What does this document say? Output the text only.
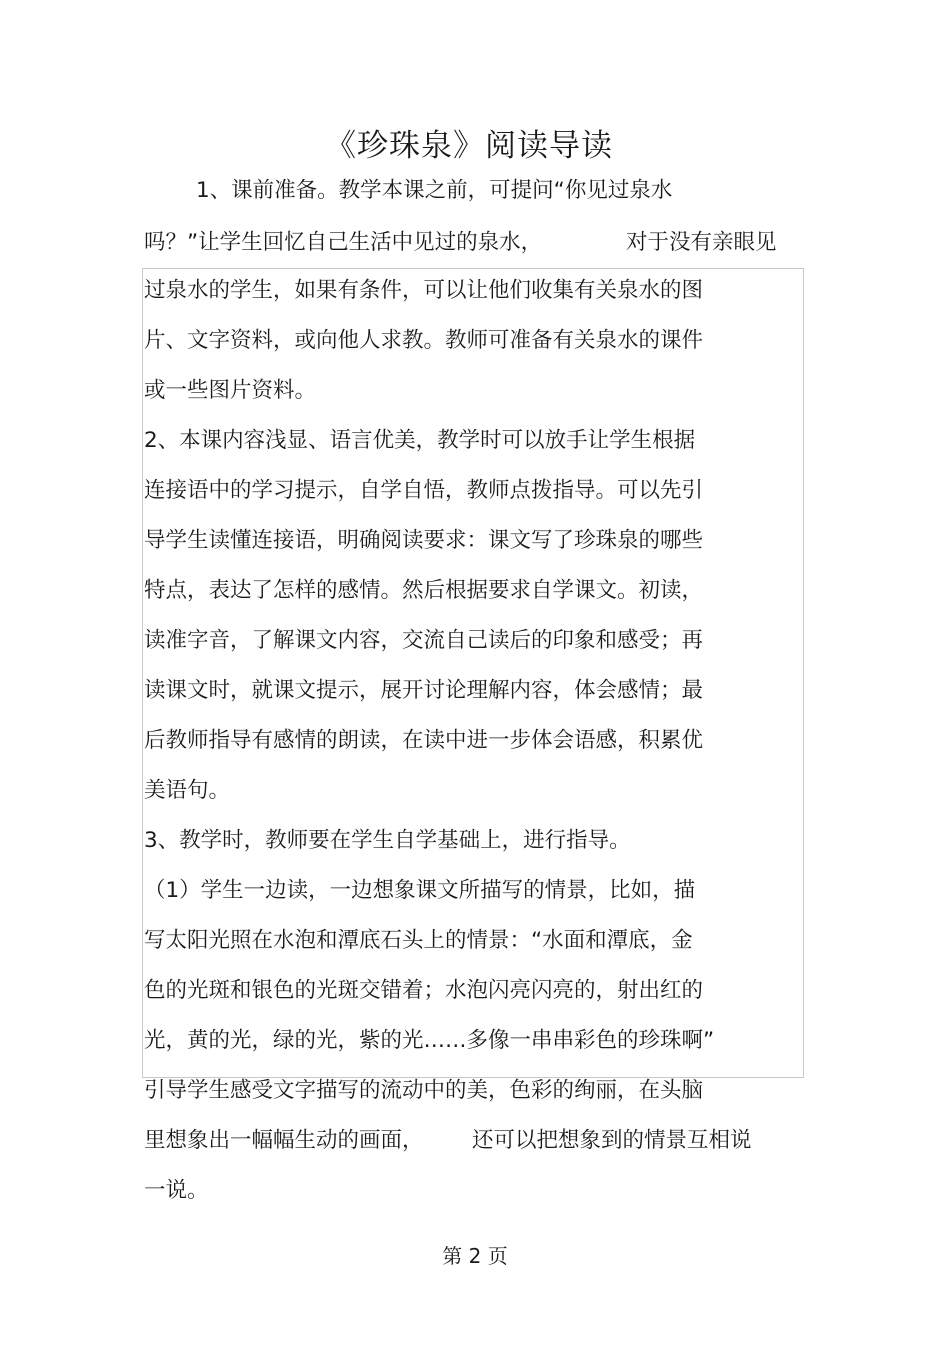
《珍珠泉》阅读导读
1、课前准备。教学本课之前，可提问“你见过泉水
吗？”让学生回忆自己生活中见过的泉水，	对于没有亲眼见
过泉水的学生，如果有条件，可以让他们收集有关泉水的图
片、文字资料，或向他人求教。教师可准备有关泉水的课件
或一些图片资料。
2、本课内容浅显、语言优美，教学时可以放手让学生根据
连接语中的学习提示，自学自悟，教师点拨指导。可以先引
导学生读懂连接语，明确阅读要求：课文写了珍珠泉的哪些
特点，表达了怎样的感情。然后根据要求自学课文。初读，
读准字音，了解课文内容，交流自己读后的印象和感受；再
读课文时，就课文提示，展开讨论理解内容，体会感情；最
后教师指导有感情的朗读，在读中进一步体会语感，积累优
美语句。
3、教学时，教师要在学生自学基础上，进行指导。
（1）学生一边读，一边想象课文所描写的情景，比如，描
写太阳光照在水泡和潭底石头上的情景：“水面和潭底，金
色的光斑和银色的光斑交错着；水泡闪亮闪亮的，射出红的
光，黄的光，绿的光，紫的光……多像一串串彩色的珍珠啊”
引导学生感受文字描写的流动中的美，色彩的绚丽，在头脑
里想象出一幅幅生动的画面， 还可以把想象到的情景互相说
一说。
第 2 页
